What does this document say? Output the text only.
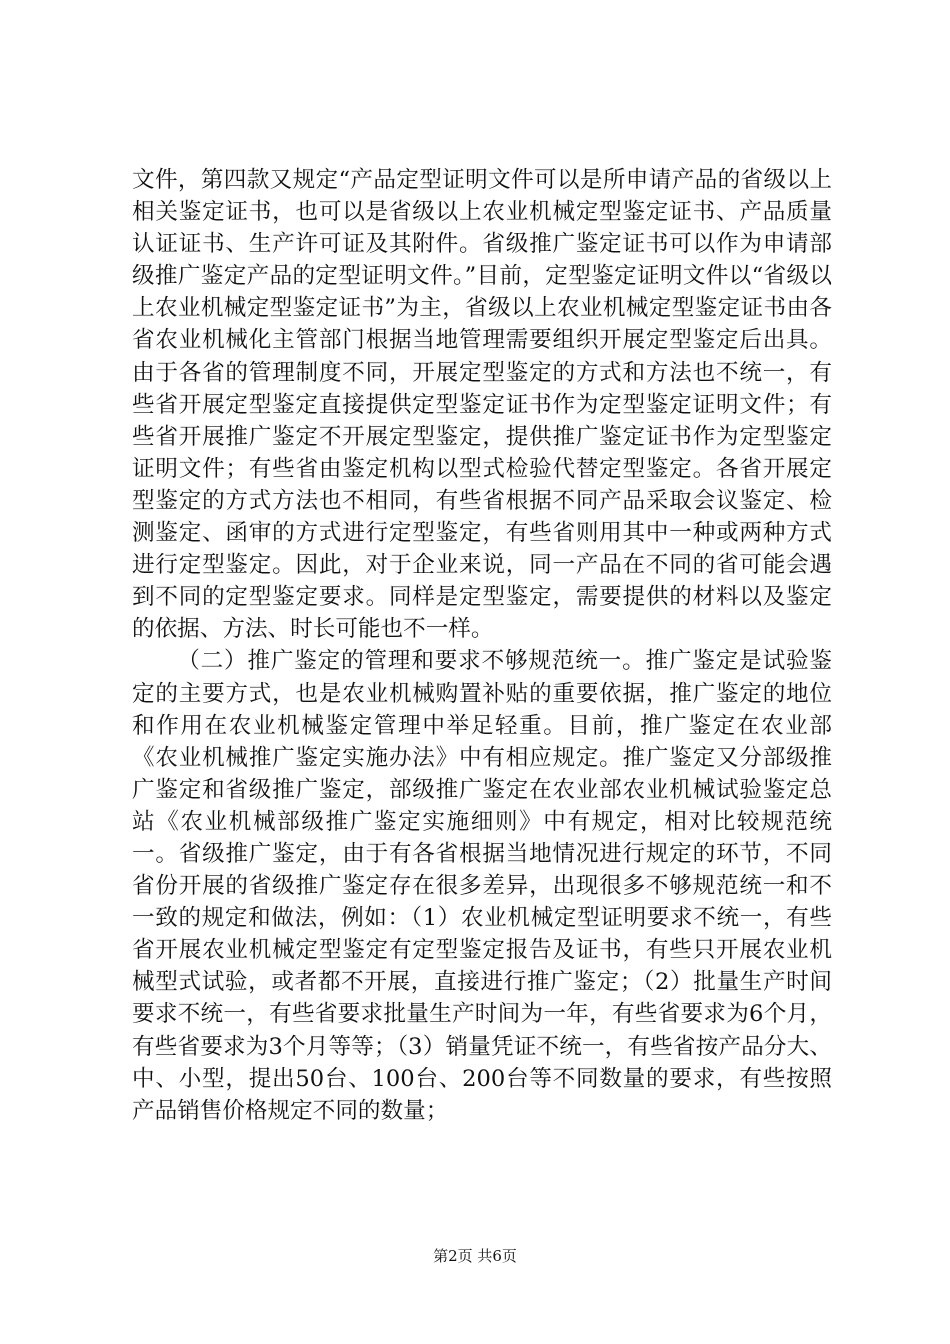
文件，第四款又规定“产品定型证明文件可以是所申请产品的省级以上相关鉴定证书，也可以是省级以上农业机械定型鉴定证书、产品质量认证证书、生产许可证及其附件。省级推广鉴定证书可以作为申请部级推广鉴定产品的定型证明文件。”目前，定型鉴定证明文件以“省级以上农业机械定型鉴定证书”为主，省级以上农业机械定型鉴定证书由各省农业机械化主管部门根据当地管理需要组织开展定型鉴定后出具。由于各省的管理制度不同，开展定型鉴定的方式和方法也不统一，有些省开展定型鉴定直接提供定型鉴定证书作为定型鉴定证明文件；有些省开展推广鉴定不开展定型鉴定，提供推广鉴定证书作为定型鉴定证明文件；有些省由鉴定机构以型式检验代替定型鉴定。各省开展定型鉴定的方式方法也不相同，有些省根据不同产品采取会议鉴定、检测鉴定、函审的方式进行定型鉴定，有些省则用其中一种或两种方式进行定型鉴定。因此，对于企业来说，同一产品在不同的省可能会遇到不同的定型鉴定要求。同样是定型鉴定，需要提供的材料以及鉴定的依据、方法、时长可能也不一样。

（二）推广鉴定的管理和要求不够规范统一。推广鉴定是试验鉴定的主要方式，也是农业机械购置补贴的重要依据，推广鉴定的地位和作用在农业机械鉴定管理中举足轻重。目前，推广鉴定在农业部《农业机械推广鉴定实施办法》中有相应规定。推广鉴定又分部级推广鉴定和省级推广鉴定，部级推广鉴定在农业部农业机械试验鉴定总站《农业机械部级推广鉴定实施细则》中有规定，相对比较规范统一。省级推广鉴定，由于有各省根据当地情况进行规定的环节，不同省份开展的省级推广鉴定存在很多差异，出现很多不够规范统一和不一致的规定和做法，例如：（1）农业机械定型证明要求不统一，有些省开展农业机械定型鉴定有定型鉴定报告及证书，有些只开展农业机械型式试验，或者都不开展，直接进行推广鉴定；（2）批量生产时间要求不统一，有些省要求批量生产时间为一年，有些省要求为6个月，有些省要求为3个月等等；（3）销量凭证不统一，有些省按产品分大、中、小型，提出50台、100台、200台等不同数量的要求，有些按照产品销售价格规定不同的数量；

第2页 共6页
